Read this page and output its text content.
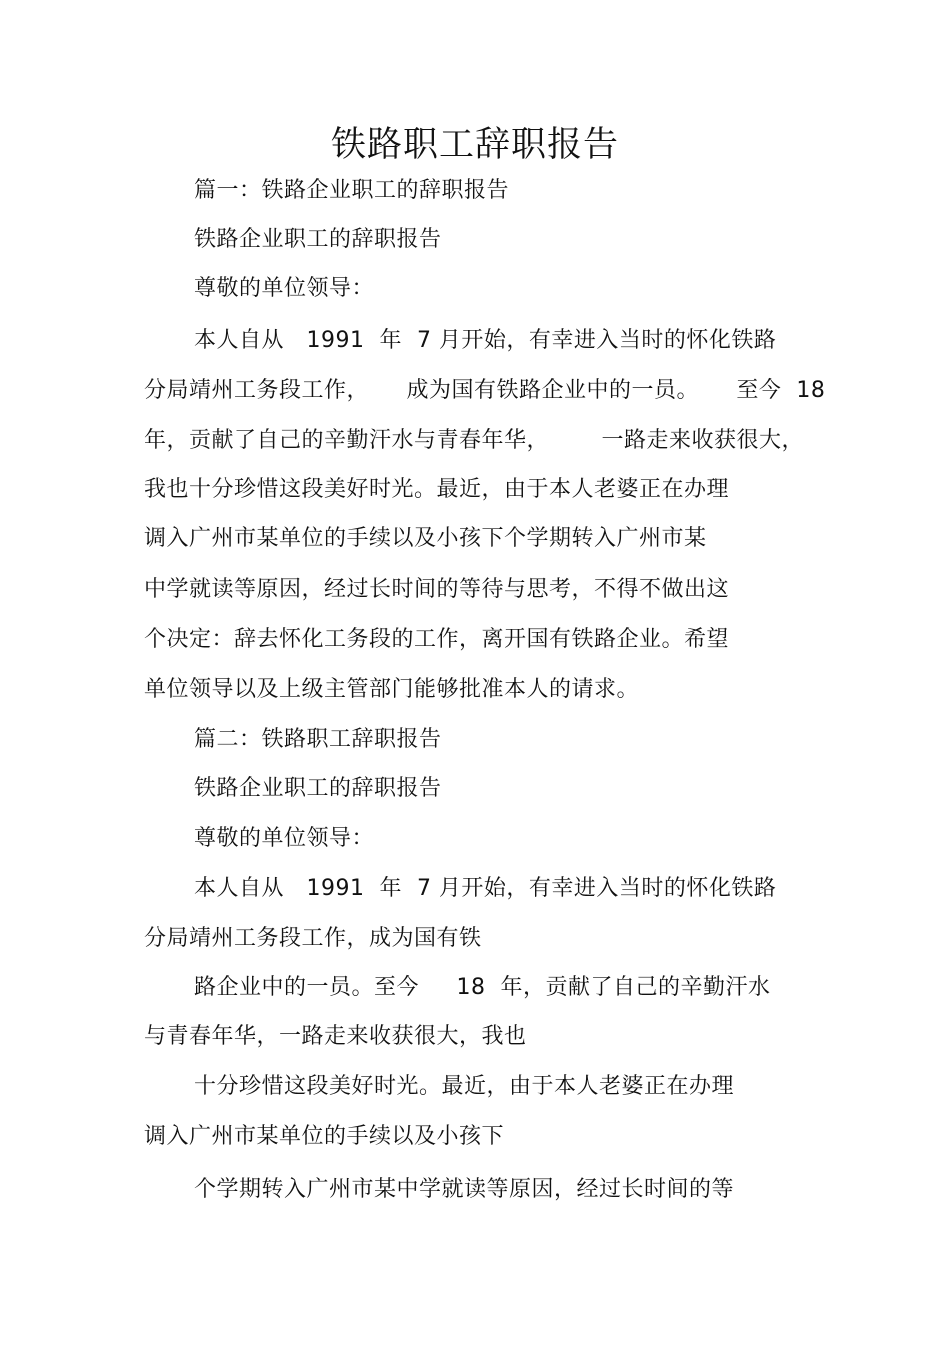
铁路职工辞职报告
篇一：铁路企业职工的辞职报告
铁路企业职工的辞职报告
尊敬的单位领导：
本人自从   1991  年  7 月开始，有幸进入当时的怀化铁路
分局靖州工务段工作，     成为国有铁路企业中的一员。     至今  18
年，贡献了自己的辛勤汗水与青春年华，       一路走来收获很大，
我也十分珍惜这段美好时光。最近，由于本人老婆正在办理
调入广州市某单位的手续以及小孩下个学期转入广州市某
中学就读等原因，经过长时间的等待与思考，不得不做出这
个决定：辞去怀化工务段的工作，离开国有铁路企业。希望
单位领导以及上级主管部门能够批准本人的请求。
篇二：铁路职工辞职报告
铁路企业职工的辞职报告
尊敬的单位领导：
本人自从   1991  年  7 月开始，有幸进入当时的怀化铁路
分局靖州工务段工作，成为国有铁
路企业中的一员。至今     18  年，贡献了自己的辛勤汗水
与青春年华，一路走来收获很大，我也
十分珍惜这段美好时光。最近，由于本人老婆正在办理
调入广州市某单位的手续以及小孩下
个学期转入广州市某中学就读等原因，经过长时间的等
